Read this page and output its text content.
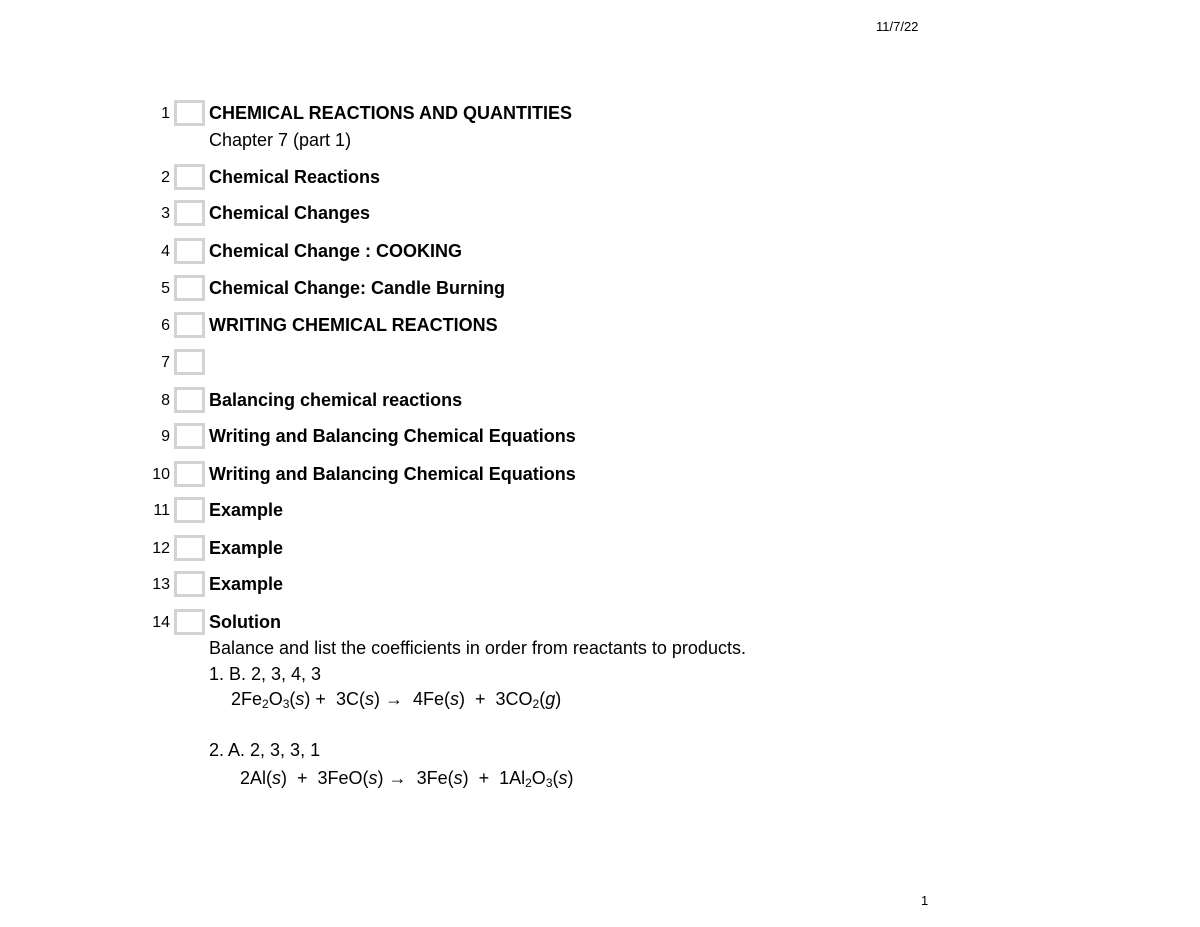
11/7/22
1 CHEMICAL REACTIONS AND QUANTITIES
Chapter 7 (part 1)
2 Chemical Reactions
3 Chemical Changes
4 Chemical Change : COOKING
5 Chemical Change: Candle Burning
6 WRITING CHEMICAL REACTIONS
7
8 Balancing chemical reactions
9 Writing and Balancing Chemical Equations
10 Writing and Balancing Chemical Equations
11 Example
12 Example
13 Example
14 Solution
Balance and list the coefficients in order from reactants to products.
1. B. 2, 3, 4, 3
$2Fe_2O_3(s) + 3C(s) \to 4Fe(s) + 3CO_2(g)$
2. A. 2, 3, 3, 1
$2Al(s) + 3FeO(s) \to 3Fe(s) + 1Al_2O_3(s)$
1
